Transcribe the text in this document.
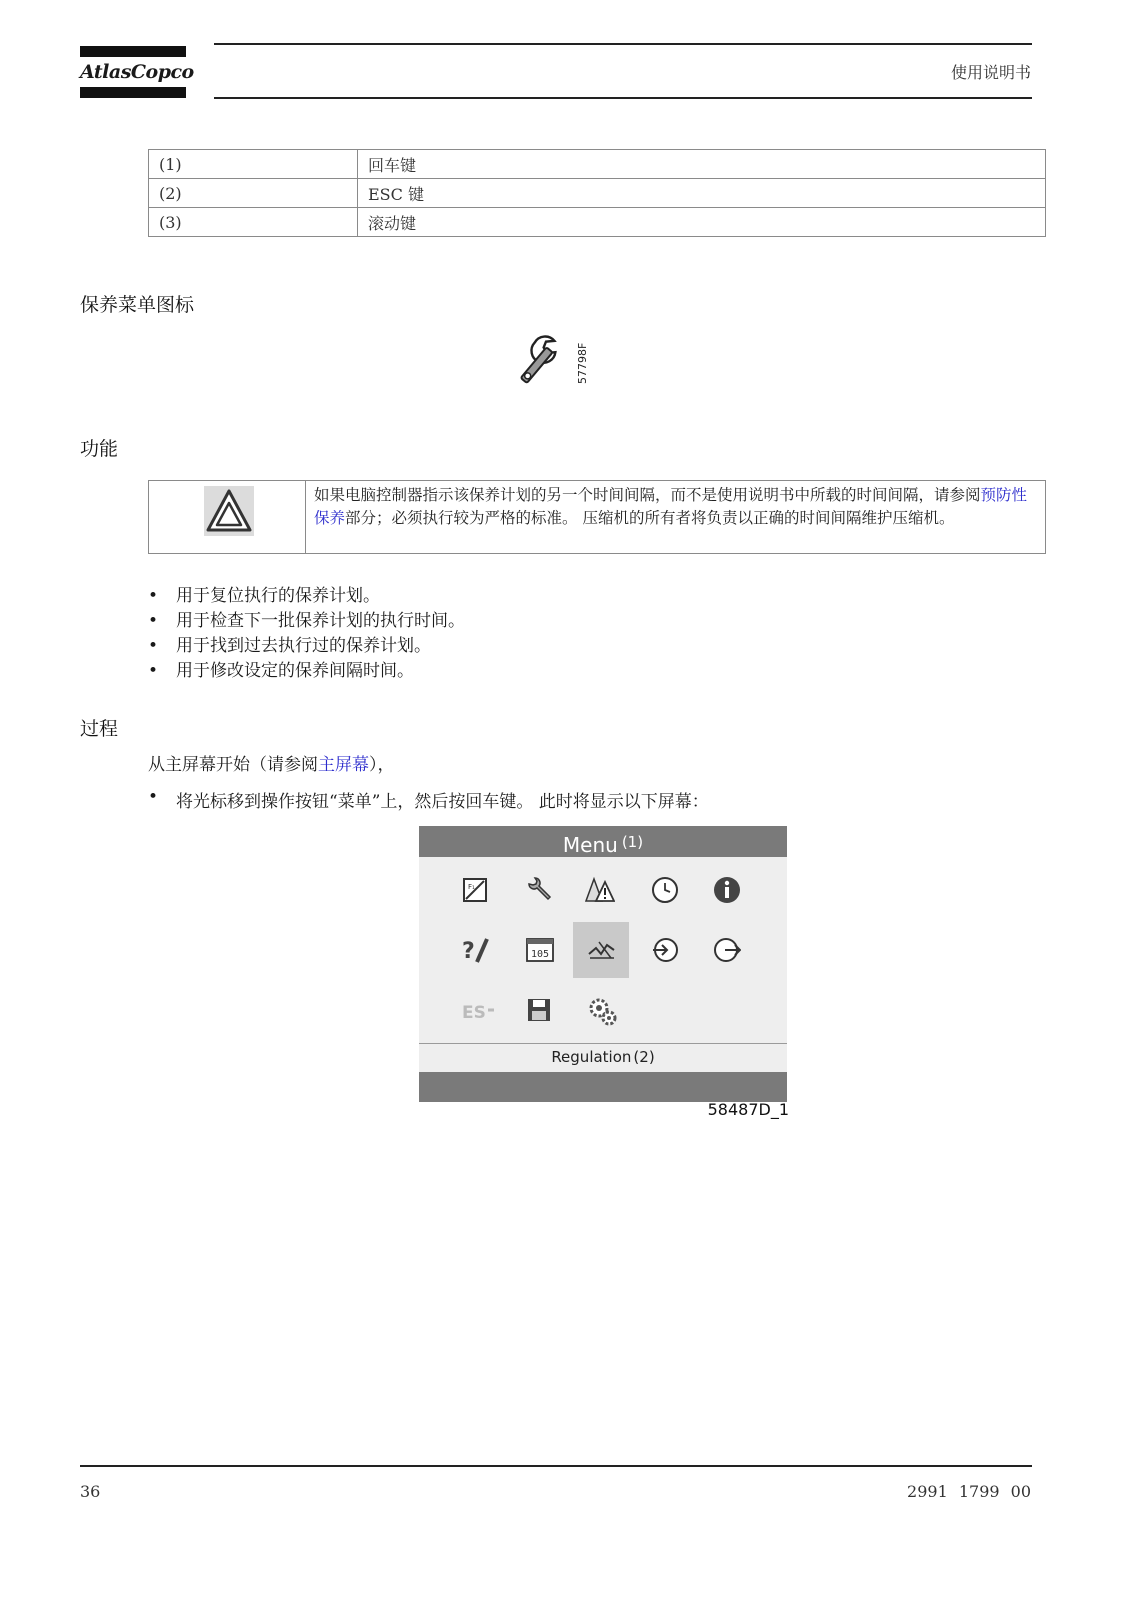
AtlasCopco	使用说明书
(1)	回车键
(2)	ESC 键
(3)	滚动键
保养菜单图标
57798F
功能
如果电脑控制器指示该保养计划的另一个时间间隔，而不是使用说明书中所载的时间间隔，请参阅预防性保养部分；必须执行较为严格的标准。 压缩机的所有者将负责以正确的时间间隔维护压缩机。
• 用于复位执行的保养计划。
• 用于检查下一批保养计划的执行时间。
• 用于找到过去执行过的保养计划。
• 用于修改设定的保养间隔时间。
过程
从主屏幕开始（请参阅主屏幕），
• 将光标移到操作按钮“菜单”上，然后按回车键。 此时将显示以下屏幕：
Menu $^{(1)}$
F₁
?	105
ES
Regulation (2)
58487D_1
36	2991 1799 00
